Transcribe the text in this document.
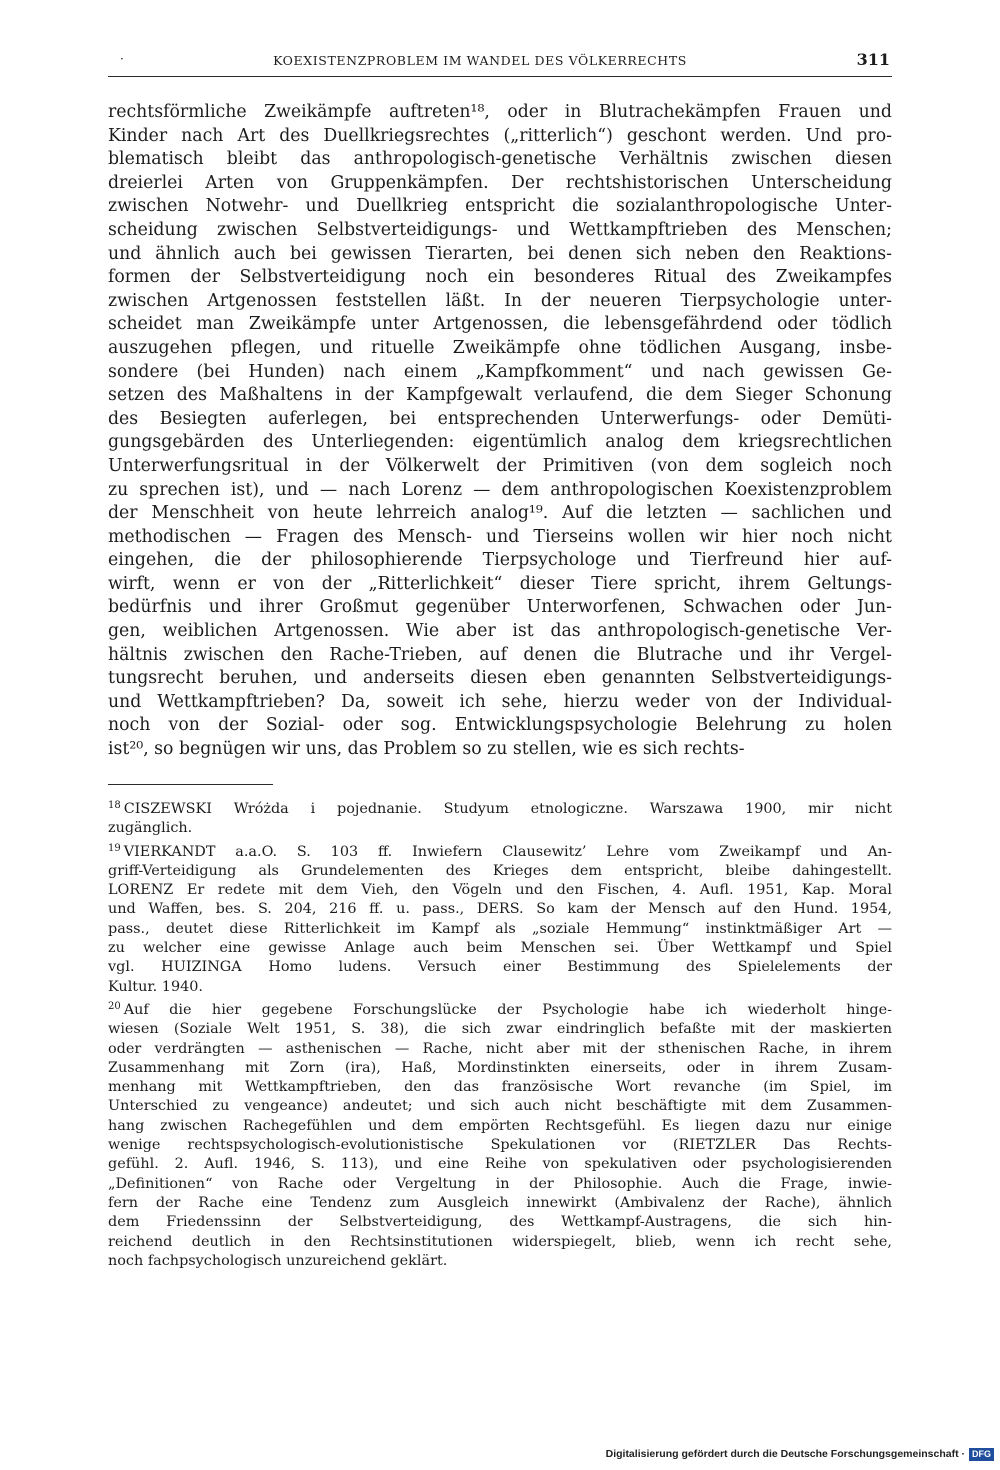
·	KOEXISTENZPROBLEM IM WANDEL DES VÖLKERRECHTS	311
rechtsförmliche Zweikämpfe auftreten¹⁸, oder in Blutrachekämpfen Frauen und
Kinder nach Art des Duellkriegsrechtes („ritterlich“) geschont werden. Und pro-
blematisch bleibt das anthropologisch-genetische Verhältnis zwischen diesen
dreierlei Arten von Gruppenkämpfen. Der rechtshistorischen Unterscheidung
zwischen Notwehr- und Duellkrieg entspricht die sozialanthropologische Unter-
scheidung zwischen Selbstverteidigungs- und Wettkampftrieben des Menschen;
und ähnlich auch bei gewissen Tierarten, bei denen sich neben den Reaktions-
formen der Selbstverteidigung noch ein besonderes Ritual des Zweikampfes
zwischen Artgenossen feststellen läßt. In der neueren Tierpsychologie unter-
scheidet man Zweikämpfe unter Artgenossen, die lebensgefährdend oder tödlich
auszugehen pflegen, und rituelle Zweikämpfe ohne tödlichen Ausgang, insbe-
sondere (bei Hunden) nach einem „Kampfkomment“ und nach gewissen Ge-
setzen des Maßhaltens in der Kampfgewalt verlaufend, die dem Sieger Schonung
des Besiegten auferlegen, bei entsprechenden Unterwerfungs- oder Demüti-
gungsgebärden des Unterliegenden: eigentümlich analog dem kriegsrechtlichen
Unterwerfungsritual in der Völkerwelt der Primitiven (von dem sogleich noch
zu sprechen ist), und — nach Lorenz — dem anthropologischen Koexistenzproblem
der Menschheit von heute lehrreich analog¹⁹. Auf die letzten — sachlichen und
methodischen — Fragen des Mensch- und Tierseins wollen wir hier noch nicht
eingehen, die der philosophierende Tierpsychologe und Tierfreund hier auf-
wirft, wenn er von der „Ritterlichkeit“ dieser Tiere spricht, ihrem Geltungs-
bedürfnis und ihrer Großmut gegenüber Unterworfenen, Schwachen oder Jun-
gen, weiblichen Artgenossen. Wie aber ist das anthropologisch-genetische Ver-
hältnis zwischen den Rache-Trieben, auf denen die Blutrache und ihr Vergel-
tungsrecht beruhen, und anderseits diesen eben genannten Selbstverteidigungs-
und Wettkampftrieben? Da, soweit ich sehe, hierzu weder von der Individual-
noch von der Sozial- oder sog. Entwicklungspsychologie Belehrung zu holen
ist²⁰, so begnügen wir uns, das Problem so zu stellen, wie es sich rechts-
$^{18}$ CISZEWSKI Wróżda i pojednanie. Studyum etnologiczne. Warszawa 1900, mir nicht
zugänglich.
$^{19}$ VIERKANDT a.a.O. S. 103 ff. Inwiefern Clausewitz’ Lehre vom Zweikampf und An-
griff-Verteidigung als Grundelementen des Krieges dem entspricht, bleibe dahingestellt.
LORENZ Er redete mit dem Vieh, den Vögeln und den Fischen, 4. Aufl. 1951, Kap. Moral
und Waffen, bes. S. 204, 216 ff. u. pass., DERS. So kam der Mensch auf den Hund. 1954,
pass., deutet diese Ritterlichkeit im Kampf als „soziale Hemmung“ instinktmäßiger Art —
zu welcher eine gewisse Anlage auch beim Menschen sei. Über Wettkampf und Spiel
vgl. HUIZINGA Homo ludens. Versuch einer Bestimmung des Spielelements der
Kultur. 1940.
$^{20}$ Auf die hier gegebene Forschungslücke der Psychologie habe ich wiederholt hinge-
wiesen (Soziale Welt 1951, S. 38), die sich zwar eindringlich befaßte mit der maskierten
oder verdrängten — asthenischen — Rache, nicht aber mit der sthenischen Rache, in ihrem
Zusammenhang mit Zorn (ira), Haß, Mordinstinkten einerseits, oder in ihrem Zusam-
menhang mit Wettkampftrieben, den das französische Wort revanche (im Spiel, im
Unterschied zu vengeance) andeutet; und sich auch nicht beschäftigte mit dem Zusammen-
hang zwischen Rachegefühlen und dem empörten Rechtsgefühl. Es liegen dazu nur einige
wenige rechtspsychologisch-evolutionistische Spekulationen vor (RIETZLER Das Rechts-
gefühl. 2. Aufl. 1946, S. 113), und eine Reihe von spekulativen oder psychologisierenden
„Definitionen“ von Rache oder Vergeltung in der Philosophie. Auch die Frage, inwie-
fern der Rache eine Tendenz zum Ausgleich innewirkt (Ambivalenz der Rache), ähnlich
dem Friedenssinn der Selbstverteidigung, des Wettkampf-Austragens, die sich hin-
reichend deutlich in den Rechtsinstitutionen widerspiegelt, blieb, wenn ich recht sehe,
noch fachpsychologisch unzureichend geklärt.
Digitalisierung gefördert durch die Deutsche Forschungsgemeinschaft · DFG
